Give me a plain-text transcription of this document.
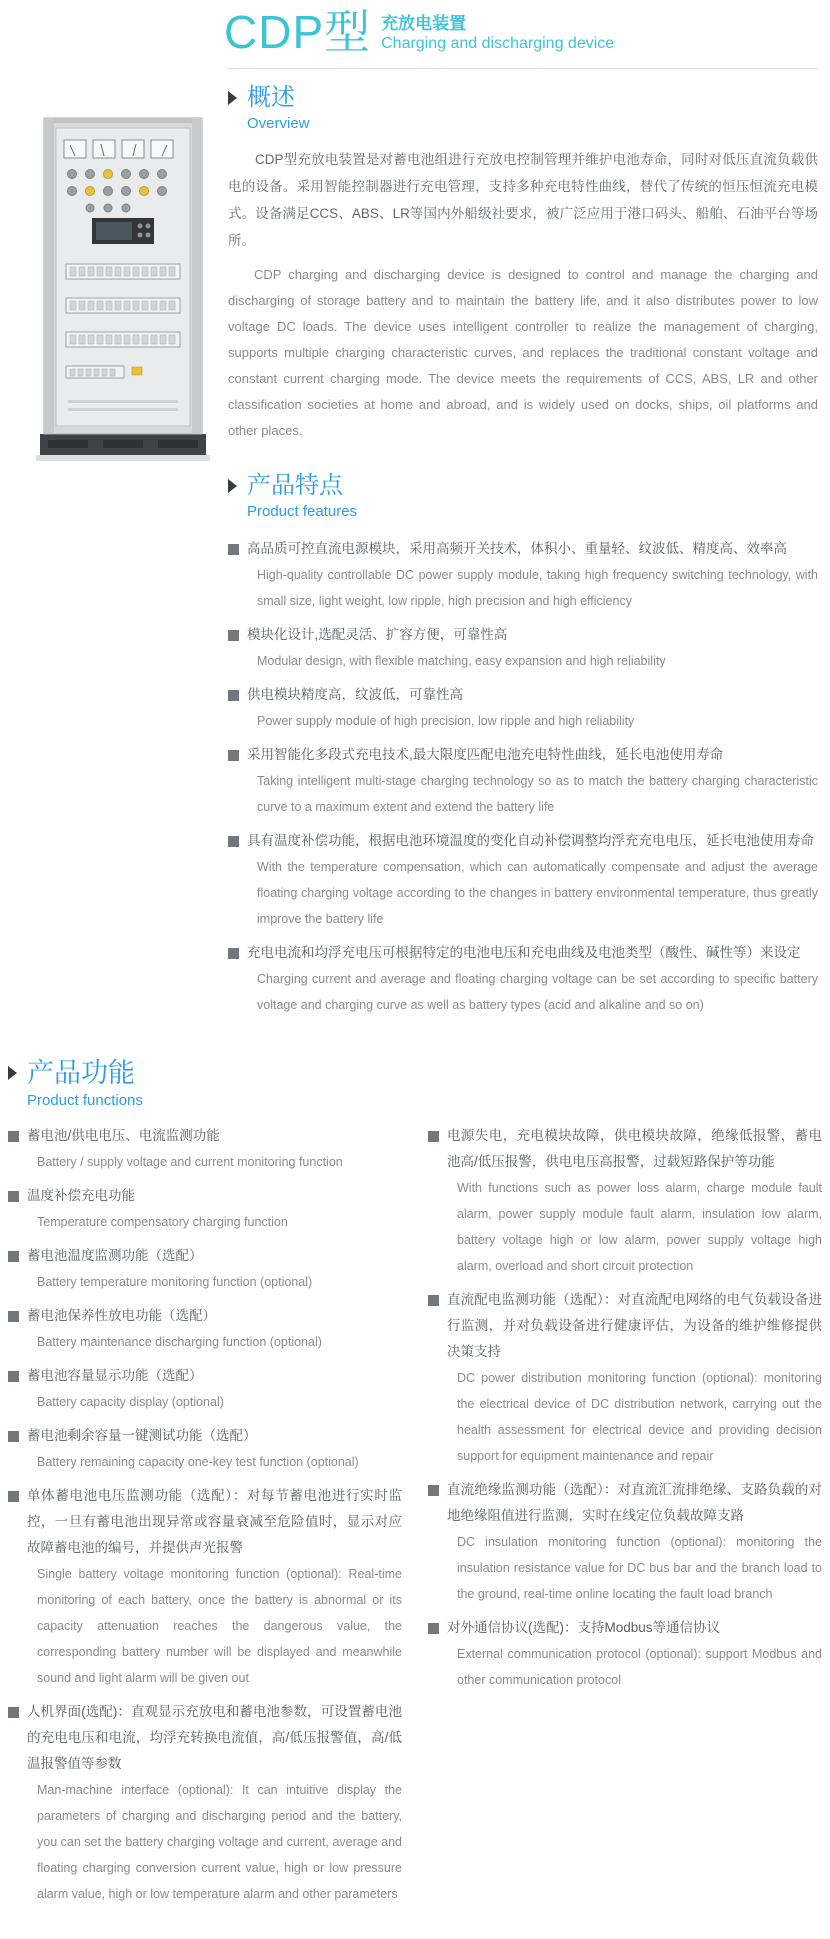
CDP型 充放电装置
Charging and discharging device
概述
Overview

CDP型充放电装置是对蓄电池组进行充放电控制管理并维护电池寿命，同时对低压直流负载供电的设备。采用智能控制器进行充电管理，支持多种充电特性曲线，替代了传统的恒压恒流充电模式。设备满足CCS、ABS、LR等国内外船级社要求，被广泛应用于港口码头、船舶、石油平台等场所。

CDP charging and discharging device is designed to control and manage the charging and discharging of storage battery and to maintain the battery life, and it also distributes power to low voltage DC loads. The device uses intelligent controller to realize the management of charging, supports multiple charging characteristic curves, and replaces the traditional constant voltage and constant current charging mode. The device meets the requirements of CCS, ABS, LR and other classification societies at home and abroad, and is widely used on docks, ships, oil platforms and other places.

产品特点
Product features

高品质可控直流电源模块，采用高频开关技术，体积小、重量轻、纹波低、精度高、效率高

High-quality controllable DC power supply module, taking high frequency switching technology, with small size, light weight, low ripple, high precision and high efficiency

模块化设计,选配灵活、扩容方便，可靠性高

Modular design, with flexible matching, easy expansion and high reliability

供电模块精度高，纹波低，可靠性高

Power supply module of high precision, low ripple and high reliability

采用智能化多段式充电技术,最大限度匹配电池充电特性曲线，延长电池使用寿命

Taking intelligent multi-stage charging technology so as to match the battery charging characteristic curve to a maximum extent and extend the battery life

具有温度补偿功能，根据电池环境温度的变化自动补偿调整均浮充充电电压，延长电池使用寿命

With the temperature compensation, which can automatically compensate and adjust the average floating charging voltage according to the changes in battery environmental temperature, thus greatly improve the battery life

充电电流和均浮充电压可根据特定的电池电压和充电曲线及电池类型（酸性、碱性等）来设定

Charging current and average and floating charging voltage can be set according to specific battery voltage and charging curve as well as battery types (acid and alkaline and so on)

产品功能
Product functions

蓄电池/供电电压、电流监测功能

Battery / supply voltage and current monitoring function

温度补偿充电功能

Temperature compensatory charging function

蓄电池温度监测功能（选配）

Battery temperature monitoring function (optional)

蓄电池保养性放电功能（选配）

Battery maintenance discharging function (optional)

蓄电池容量显示功能（选配）

Battery capacity display (optional)

蓄电池剩余容量一键测试功能（选配）

Battery remaining capacity one-key test function (optional)

单体蓄电池电压监测功能（选配）：对每节蓄电池进行实时监控，一旦有蓄电池出现异常或容量衰减至危险值时，显示对应故障蓄电池的编号，并提供声光报警

Single battery voltage monitoring function (optional): Real-time monitoring of each battery, once the battery is abnormal or its capacity attenuation reaches the dangerous value, the corresponding battery number will be displayed and meanwhile sound and light alarm will be given out

人机界面(选配)：直观显示充放电和蓄电池参数，可设置蓄电池的充电电压和电流，均浮充转换电流值，高/低压报警值，高/低温报警值等参数

Man-machine interface (optional): It can intuitive display the parameters of charging and discharging period and the battery, you can set the battery charging voltage and current, average and floating charging conversion current value, high or low pressure alarm value, high or low temperature alarm and other parameters

电源失电，充电模块故障，供电模块故障，绝缘低报警，蓄电池高/低压报警，供电电压高报警，过载短路保护等功能

With functions such as power loss alarm, charge module fault alarm, power supply module fault alarm, insulation low alarm, battery voltage high or low alarm, power supply voltage high alarm, overload and short circuit protection

直流配电监测功能（选配）：对直流配电网络的电气负载设备进行监测，并对负载设备进行健康评估，为设备的维护维修提供决策支持

DC power distribution monitoring function (optional): monitoring the electrical device of DC distribution network, carrying out the health assessment for electrical device and providing decision support for equipment maintenance and repair

直流绝缘监测功能（选配）：对直流汇流排绝缘、支路负载的对地绝缘阻值进行监测，实时在线定位负载故障支路

DC insulation monitoring function (optional): monitoring the insulation resistance value for DC bus bar and the branch load to the ground, real-time online locating the fault load branch

对外通信协议(选配)：支持Modbus等通信协议

External communication protocol (optional): support Modbus and other communication protocol
